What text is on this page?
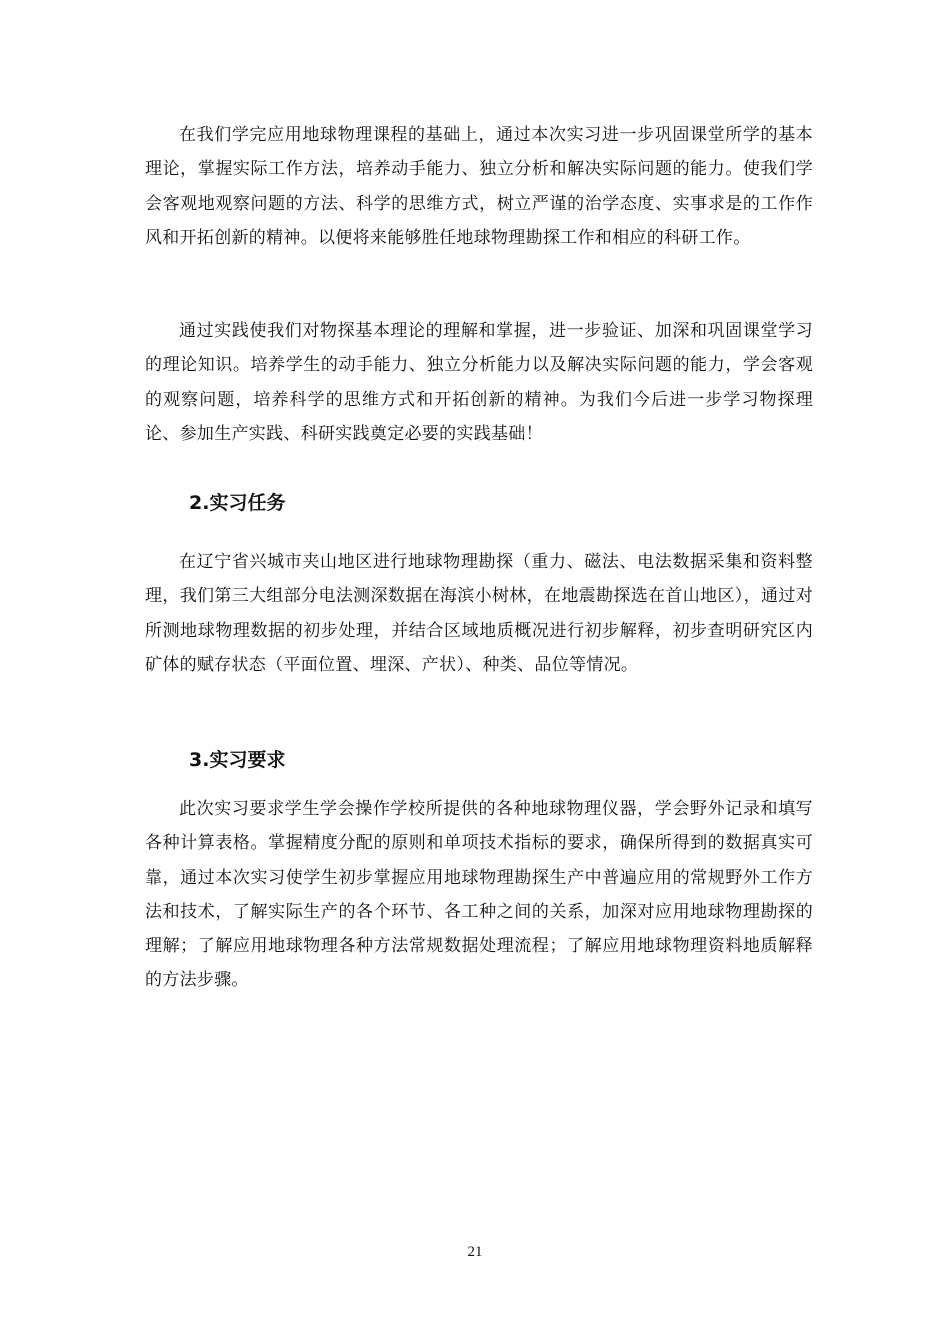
在我们学完应用地球物理课程的基础上，通过本次实习进一步巩固课堂所学的基本理论，掌握实际工作方法，培养动手能力、独立分析和解决实际问题的能力。使我们学会客观地观察问题的方法、科学的思维方式，树立严谨的治学态度、实事求是的工作作风和开拓创新的精神。以便将来能够胜任地球物理勘探工作和相应的科研工作。

通过实践使我们对物探基本理论的理解和掌握，进一步验证、加深和巩固课堂学习的理论知识。培养学生的动手能力、独立分析能力以及解决实际问题的能力，学会客观的观察问题，培养科学的思维方式和开拓创新的精神。为我们今后进一步学习物探理论、参加生产实践、科研实践奠定必要的实践基础！

2.实习任务

在辽宁省兴城市夹山地区进行地球物理勘探（重力、磁法、电法数据采集和资料整理，我们第三大组部分电法测深数据在海滨小树林，在地震勘探选在首山地区），通过对所测地球物理数据的初步处理，并结合区域地质概况进行初步解释，初步查明研究区内矿体的赋存状态（平面位置、埋深、产状）、种类、品位等情况。

3.实习要求

此次实习要求学生学会操作学校所提供的各种地球物理仪器，学会野外记录和填写各种计算表格。掌握精度分配的原则和单项技术指标的要求，确保所得到的数据真实可靠，通过本次实习使学生初步掌握应用地球物理勘探生产中普遍应用的常规野外工作方法和技术，了解实际生产的各个环节、各工种之间的关系，加深对应用地球物理勘探的理解；了解应用地球物理各种方法常规数据处理流程；了解应用地球物理资料地质解释的方法步骤。

21
